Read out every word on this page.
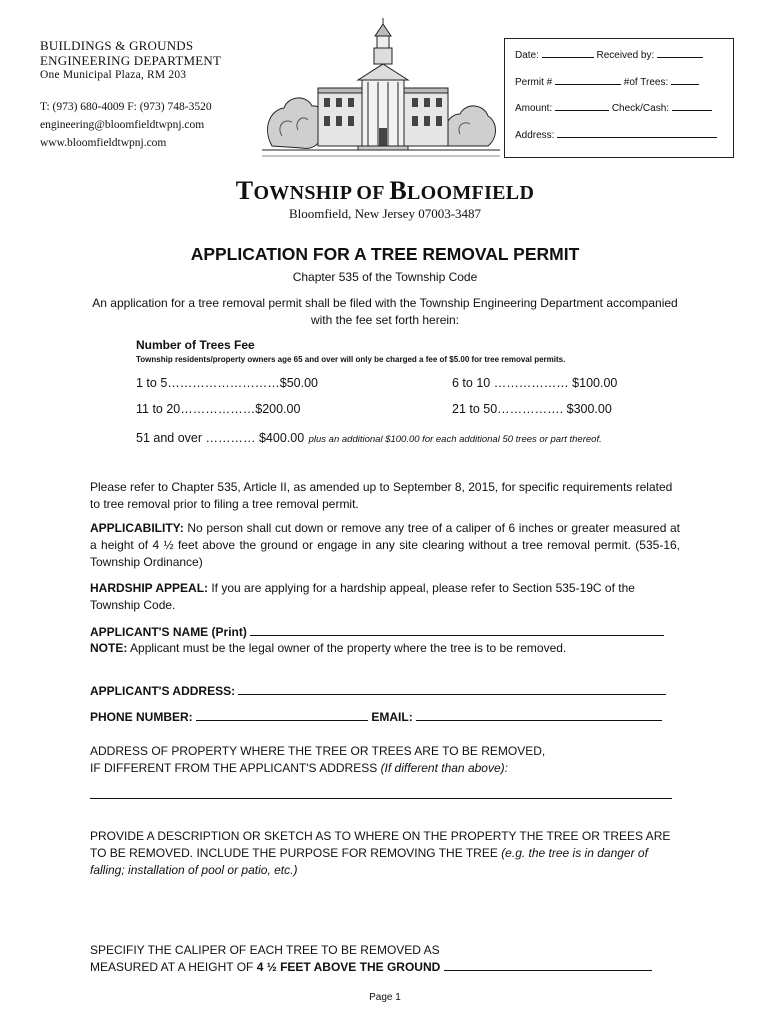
BUILDINGS & GROUNDS
ENGINEERING DEPARTMENT
One Municipal Plaza, RM 203
T: (973) 680-4009 F: (973) 748-3520
engineering@bloomfieldtwpnj.com
www.bloomfieldtwpnj.com
Date:	Received by:
Permit #	#of Trees:
Amount:	Check/Cash:
Address:
TOWNSHIP OF BLOOMFIELD
Bloomfield, New Jersey 07003-3487
APPLICATION FOR A TREE REMOVAL PERMIT
Chapter 535 of the Township Code
An application for a tree removal permit shall be filed with the Township Engineering Department accompanied with the fee set forth herein:
Number of Trees Fee
Township residents/property owners age 65 and over will only be charged a fee of $5.00 for tree removal permits.
1 to 5………………………$50.00	6 to 10 ……………… $100.00
11 to 20………………$200.00	21 to 50……………. $300.00
51 and over ………… $400.00 plus an additional $100.00 for each additional 50 trees or part thereof.
Please refer to Chapter 535, Article II, as amended up to September 8, 2015, for specific requirements related to tree removal prior to filing a tree removal permit.
APPLICABILITY: No person shall cut down or remove any tree of a caliper of 6 inches or greater measured at a height of 4 ½ feet above the ground or engage in any site clearing without a tree removal permit. (535-16, Township Ordinance)
HARDSHIP APPEAL: If you are applying for a hardship appeal, please refer to Section 535-19C of the Township Code.
APPLICANT'S NAME (Print)
NOTE: Applicant must be the legal owner of the property where the tree is to be removed.
APPLICANT'S ADDRESS:
PHONE NUMBER:	EMAIL:
ADDRESS OF PROPERTY WHERE THE TREE OR TREES ARE TO BE REMOVED,
IF DIFFERENT FROM THE APPLICANT'S ADDRESS (If different than above):
PROVIDE A DESCRIPTION OR SKETCH AS TO WHERE ON THE PROPERTY THE TREE OR TREES ARE TO BE REMOVED. INCLUDE THE PURPOSE FOR REMOVING THE TREE (e.g. the tree is in danger of falling; installation of pool or patio, etc.)
SPECIFIY THE CALIPER OF EACH TREE TO BE REMOVED AS
MEASURED AT A HEIGHT OF 4 ½ FEET ABOVE THE GROUND
Page 1
